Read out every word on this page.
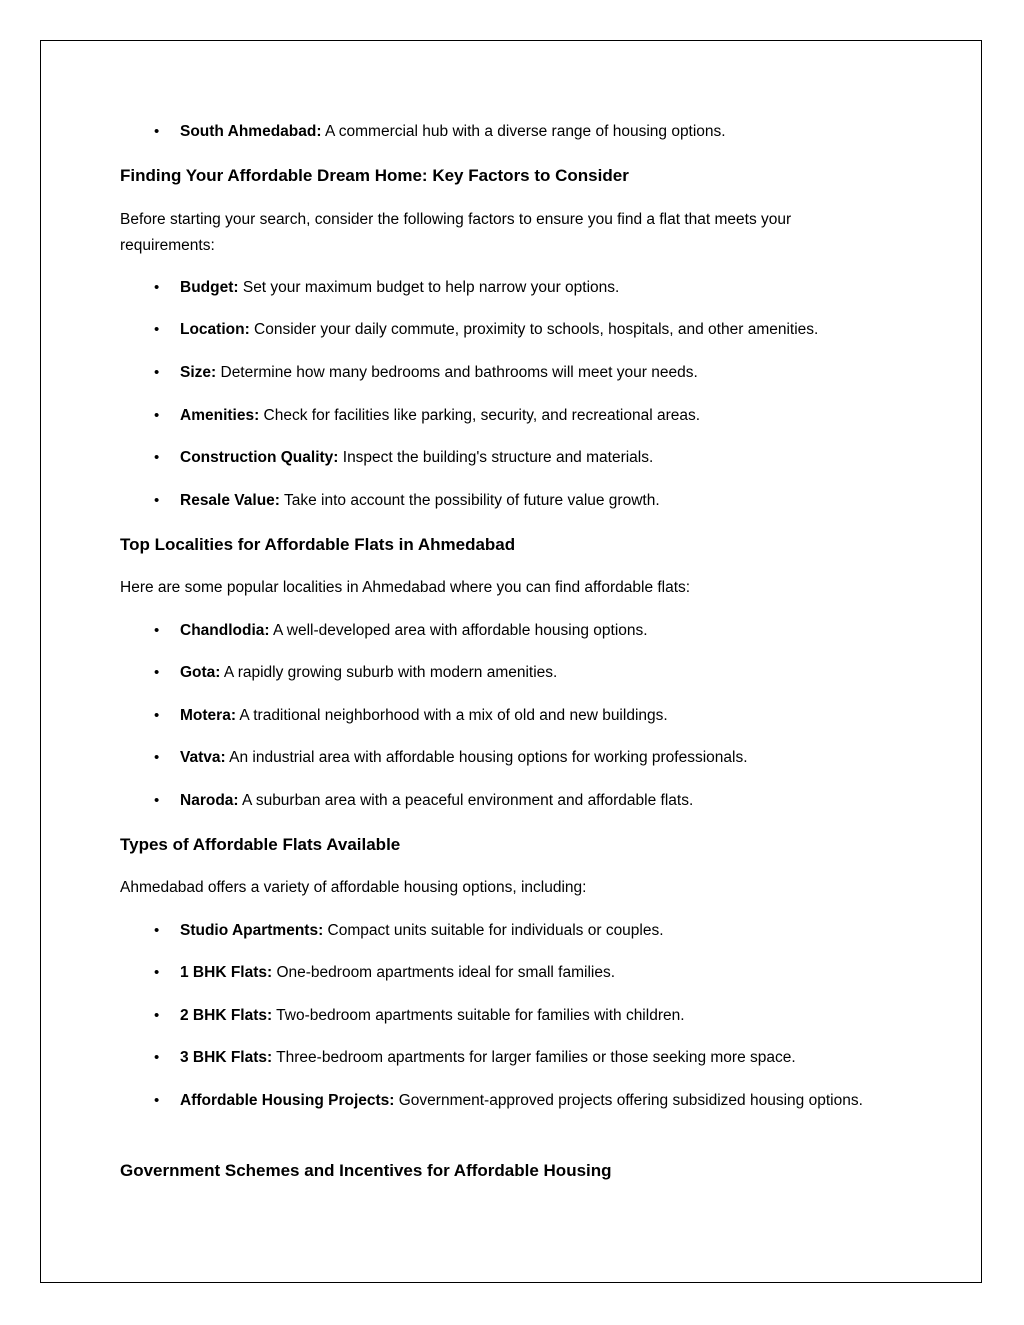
• South Ahmedabad: A commercial hub with a diverse range of housing options.
Finding Your Affordable Dream Home: Key Factors to Consider
Before starting your search, consider the following factors to ensure you find a flat that meets your requirements:
• Budget: Set your maximum budget to help narrow your options.
• Location: Consider your daily commute, proximity to schools, hospitals, and other amenities.
• Size: Determine how many bedrooms and bathrooms will meet your needs.
• Amenities: Check for facilities like parking, security, and recreational areas.
• Construction Quality: Inspect the building's structure and materials.
• Resale Value: Take into account the possibility of future value growth.
Top Localities for Affordable Flats in Ahmedabad
Here are some popular localities in Ahmedabad where you can find affordable flats:
• Chandlodia: A well-developed area with affordable housing options.
• Gota: A rapidly growing suburb with modern amenities.
• Motera: A traditional neighborhood with a mix of old and new buildings.
• Vatva: An industrial area with affordable housing options for working professionals.
• Naroda: A suburban area with a peaceful environment and affordable flats.
Types of Affordable Flats Available
Ahmedabad offers a variety of affordable housing options, including:
• Studio Apartments: Compact units suitable for individuals or couples.
• 1 BHK Flats: One-bedroom apartments ideal for small families.
• 2 BHK Flats: Two-bedroom apartments suitable for families with children.
• 3 BHK Flats: Three-bedroom apartments for larger families or those seeking more space.
• Affordable Housing Projects: Government-approved projects offering subsidized housing options.
Government Schemes and Incentives for Affordable Housing
